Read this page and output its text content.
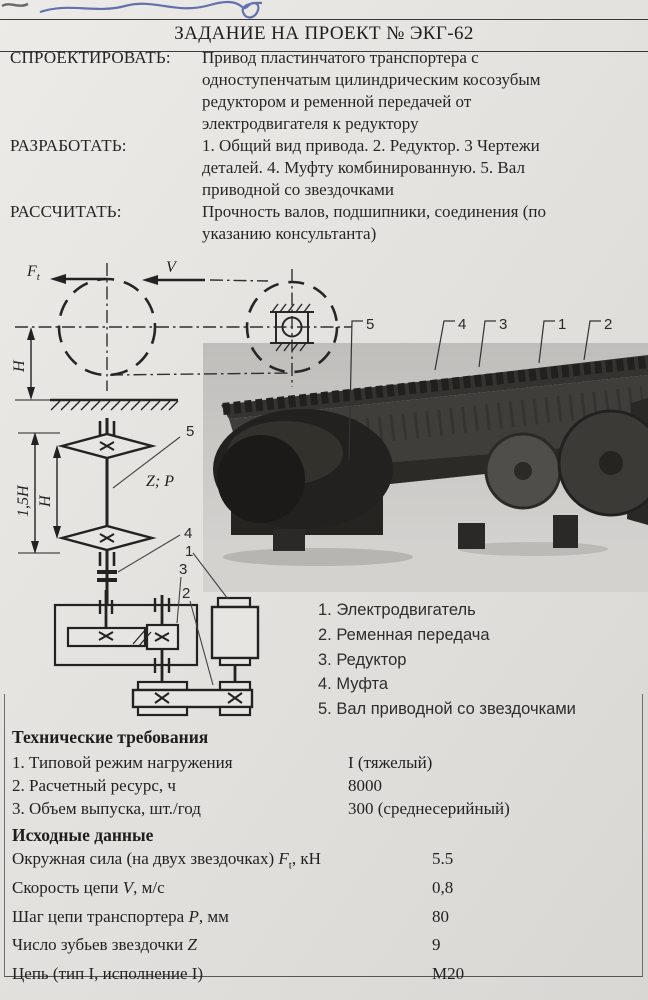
ЗАДАНИЕ НА ПРОЕКТ № ЭКГ-62
СПРОЕКТИРОВАТЬ:	Привод пластинчатого транспортера с одноступенчатым цилиндрическим косозубым редуктором и ременной передачей от электродвигателя к редуктору
РАЗРАБОТАТЬ:	1. Общий вид привода. 2. Редуктор. 3 Чертежи деталей. 4. Муфту комбинированную. 5. Вал приводной со звездочками
РАССЧИТАТЬ:	Прочность валов, подшипники, соединения (по указанию консультанта)
$F_t$
V
H
1,5H H
5
Z; P
4
1
3
2
5	4 3	1	2
1. Электродвигатель
2. Ременная передача
3. Редуктор
4. Муфта
5. Вал приводной со звездочками
Технические требования
1. Типовой режим нагружения	I (тяжелый)
2. Расчетный ресурс, ч	8000
3. Объем выпуска, шт./год	300 (среднесерийный)
Исходные данные
Окружная сила (на двух звездочках) $F_t$, кН	5.5
Скорость цепи V, м/с	0,8
Шаг цепи транспортера P, мм	80
Число зубьев звездочки Z	9
Цепь (тип I, исполнение I)	М20
